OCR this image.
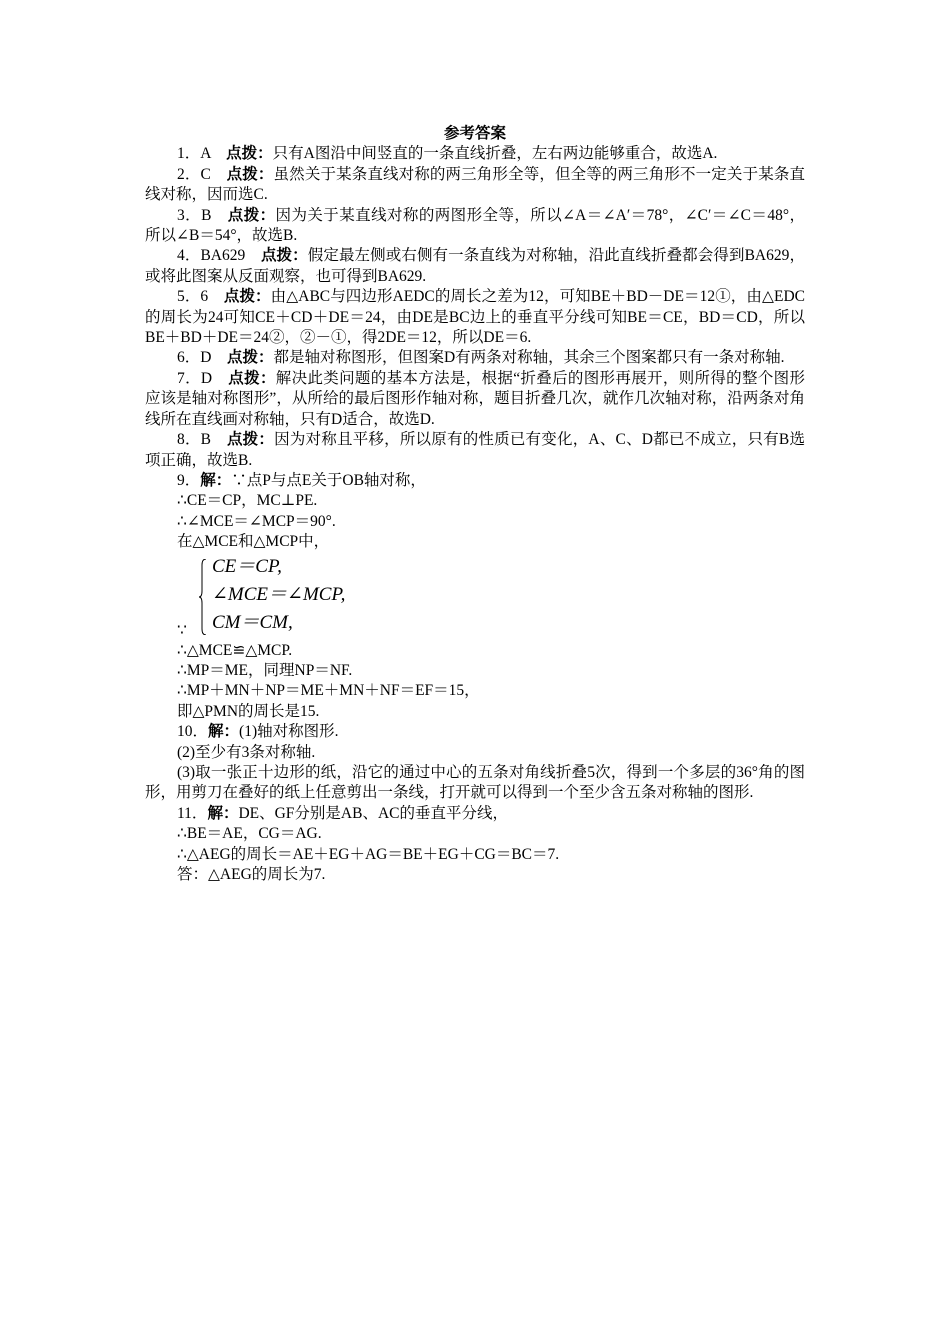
参考答案

1．A　 点拨：只有A图沿中间竖直的一条直线折叠，左右两边能够重合，故选A.

2．C　 点拨：虽然关于某条直线对称的两三角形全等，但全等的两三角形不一定关于某条直线对称，因而选C.

3．B　 点拨：因为关于某直线对称的两图形全等，所以∠A＝∠A′＝78°，∠C′＝∠C＝48°，所以∠B＝54°，故选B.

4．BA629　 点拨：假定最左侧或右侧有一条直线为对称轴，沿此直线折叠都会得到BA629，或将此图案从反面观察，也可得到BA629.

5．6　 点拨：由△ABC与四边形AEDC的周长之差为12，可知BE＋BD－DE＝12①，由△EDC的周长为24可知CE＋CD＋DE＝24，由DE是BC边上的垂直平分线可知BE＝CE，BD＝CD，所以BE＋BD＋DE＝24②，②－①，得2DE＝12，所以DE＝6.

6．D　 点拨：都是轴对称图形，但图案D有两条对称轴，其余三个图案都只有一条对称轴.

7．D　 点拨：解决此类问题的基本方法是，根据“折叠后的图形再展开，则所得的整个图形应该是轴对称图形”，从所给的最后图形作轴对称，题目折叠几次，就作几次轴对称，沿两条对角线所在直线画对称轴，只有D适合，故选D.

8．B　 点拨：因为对称且平移，所以原有的性质已有变化，A、C、D都已不成立，只有B选项正确，故选B.

9．解：∵点P与点E关于OB轴对称，

∴CE＝CP，MC⊥PE.

∴∠MCE＝∠MCP＝90°.

在△MCE和△MCP中，

∵
CE＝CP,
∠MCE＝∠MCP,
CM＝CM,

∴△MCE≌△MCP.

∴MP＝ME，同理NP＝NF.

∴MP＋MN＋NP＝ME＋MN＋NF＝EF＝15，

即△PMN的周长是15.

10．解：(1)轴对称图形.

(2)至少有3条对称轴.

(3)取一张正十边形的纸，沿它的通过中心的五条对角线折叠5次，得到一个多层的36°角的图形，用剪刀在叠好的纸上任意剪出一条线，打开就可以得到一个至少含五条对称轴的图形.

11．解：DE、GF分别是AB、AC的垂直平分线，

∴BE＝AE，CG＝AG.

∴△AEG的周长＝AE＋EG＋AG＝BE＋EG＋CG＝BC＝7.

答：△AEG的周长为7.
